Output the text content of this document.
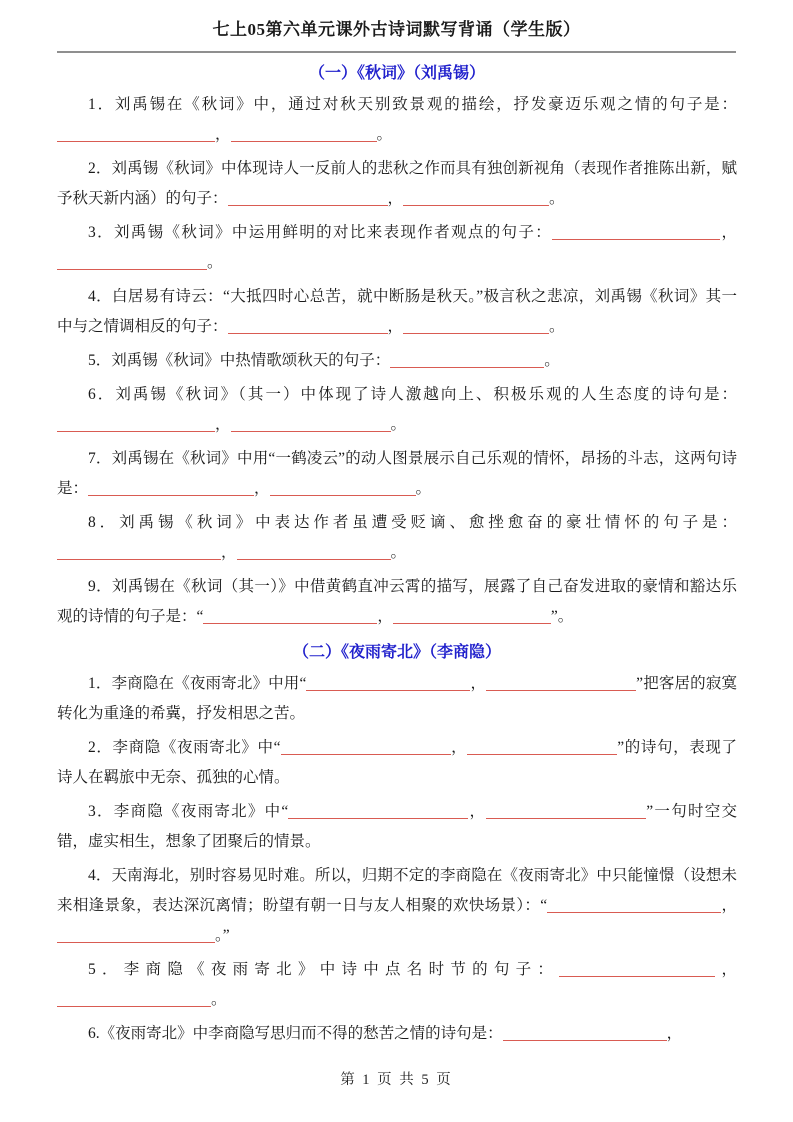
七上05第六单元课外古诗词默写背诵（学生版）
（一）《秋词》（刘禹锡）

1．刘禹锡在《秋词》中，通过对秋天别致景观的描绘，抒发豪迈乐观之情的句子是：，	。

2．刘禹锡《秋词》中体现诗人一反前人的悲秋之作而具有独创新视角（表现作者推陈出新，赋予秋天新内涵）的句子：	，	。

3．刘禹锡《秋词》中运用鲜明的对比来表现作者观点的句子：	，。

4．白居易有诗云：“大抵四时心总苦，就中断肠是秋天。”极言秋之悲凉，刘禹锡《秋词》其一中与之情调相反的句子：	，	。

5．刘禹锡《秋词》中热情歌颂秋天的句子：	。

6．刘禹锡《秋词》（其一）中体现了诗人激越向上、积极乐观的人生态度的诗句是：，	。

7．刘禹锡在《秋词》中用“一鹤凌云”的动人图景展示自己乐观的情怀，昂扬的斗志，这两句诗是：	，	。

8．刘禹锡《秋词》中表达作者虽遭受贬谪、愈挫愈奋的豪壮情怀的句子是：，	。

9．刘禹锡在《秋词（其一）》中借黄鹤直冲云霄的描写，展露了自己奋发进取的豪情和豁达乐观的诗情的句子是：“	，	”。

（二）《夜雨寄北》（李商隐）

1．李商隐在《夜雨寄北》中用“	，	”把客居的寂寞转化为重逢的希冀，抒发相思之苦。

2．李商隐《夜雨寄北》中“	，	”的诗句，表现了诗人在羁旅中无奈、孤独的心情。

3．李商隐《夜雨寄北》中“	，	”一句时空交错，虚实相生，想象了团聚后的情景。

4．天南海北，别时容易见时难。所以，归期不定的李商隐在《夜雨寄北》中只能憧憬（设想未来相逢景象，表达深沉离情；盼望有朝一日与友人相聚的欢快场景）：“	，。”

5．李商隐《夜雨寄北》中诗中点名时节的句子：	，。

6.《夜雨寄北》中李商隐写思归而不得的愁苦之情的诗句是：	，

第 1 页 共 5 页
